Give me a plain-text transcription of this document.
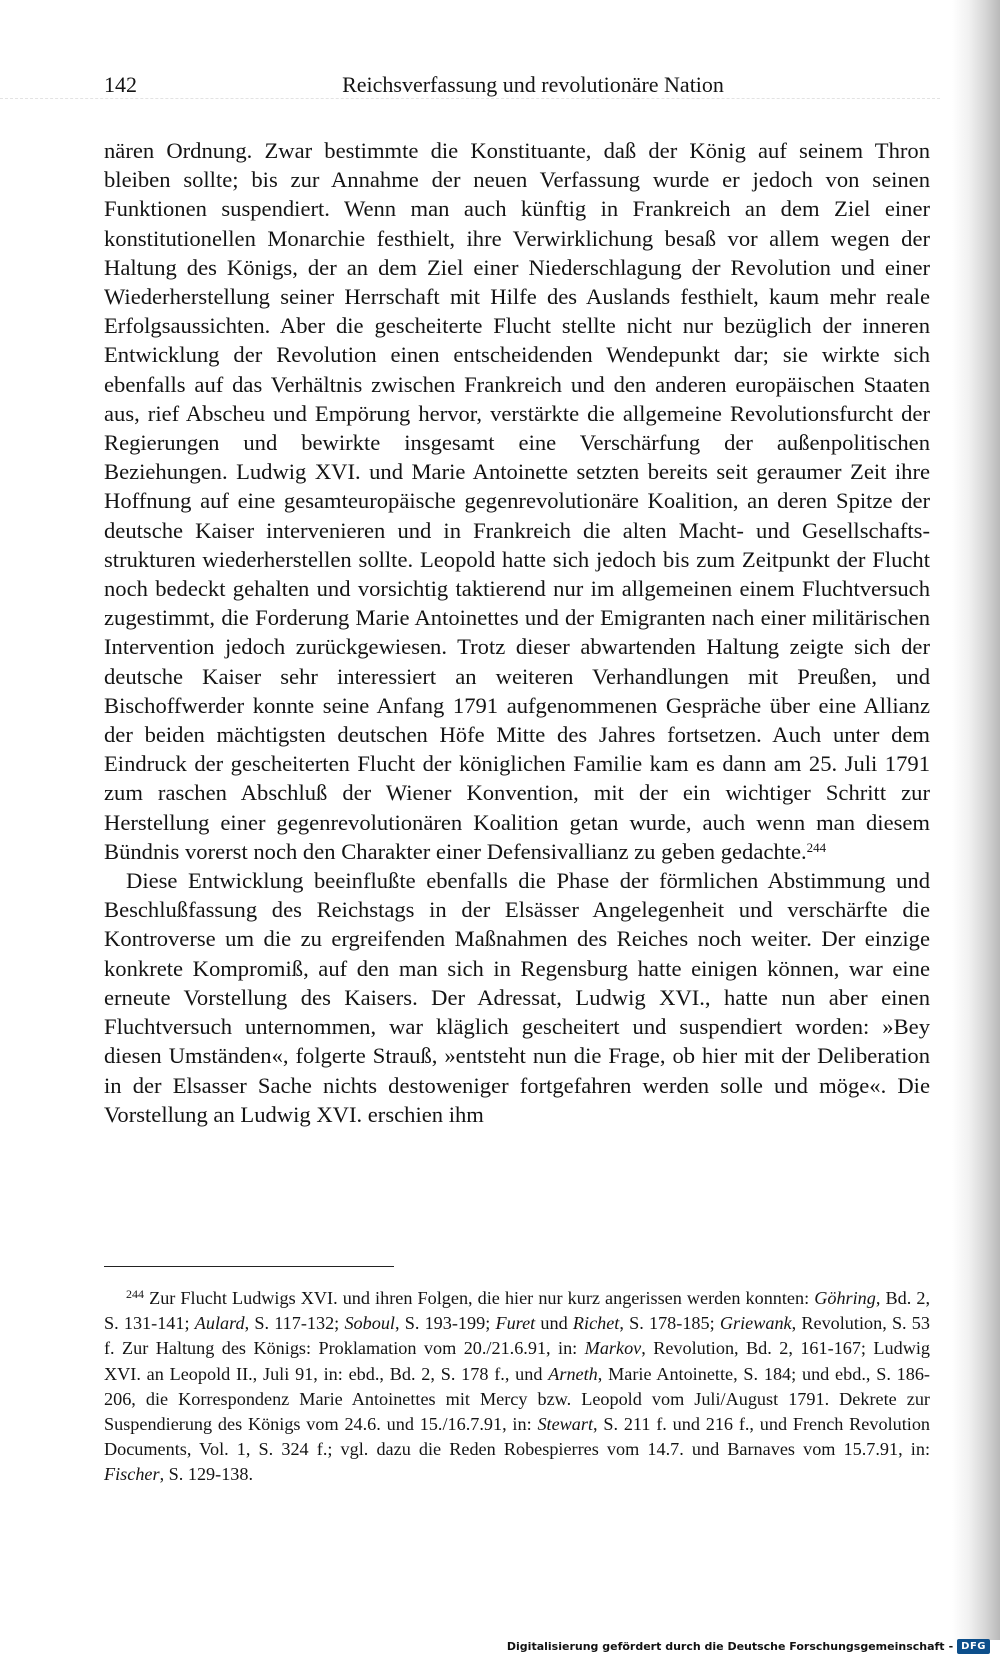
142	Reichsverfassung und revolutionäre Nation

nären Ordnung. Zwar bestimmte die Konstituante, daß der König auf seinem Thron bleiben sollte; bis zur Annahme der neuen Verfassung wurde er jedoch von seinen Funktionen suspendiert. Wenn man auch künftig in Frankreich an dem Ziel einer konstitutionellen Monarchie festhielt, ihre Verwirklichung besaß vor allem wegen der Haltung des Königs, der an dem Ziel einer Niederschlagung der Revolution und einer Wiederherstellung seiner Herrschaft mit Hilfe des Auslands festhielt, kaum mehr reale Erfolgsaussichten. Aber die gescheiterte Flucht stellte nicht nur bezüglich der inneren Entwicklung der Revolution einen entscheidenden Wendepunkt dar; sie wirkte sich ebenfalls auf das Verhältnis zwischen Frankreich und den anderen europäischen Staaten aus, rief Abscheu und Empörung hervor, verstärkte die allgemeine Revolutionsfurcht der Regierungen und bewirkte insgesamt eine Verschärfung der außenpolitischen Beziehungen. Ludwig XVI. und Marie Antoinette setzten bereits seit geraumer Zeit ihre Hoffnung auf eine gesamteuropäische gegenrevolutionäre Koalition, an deren Spitze der deutsche Kaiser intervenieren und in Frankreich die alten Macht- und Gesellschaftsstrukturen wiederherstellen sollte. Leopold hatte sich jedoch bis zum Zeitpunkt der Flucht noch bedeckt gehalten und vorsichtig taktierend nur im allgemeinen einem Fluchtversuch zugestimmt, die Forderung Marie Antoinettes und der Emigranten nach einer militärischen Intervention jedoch zurückgewiesen. Trotz dieser abwartenden Haltung zeigte sich der deutsche Kaiser sehr interessiert an weiteren Verhandlungen mit Preußen, und Bischoffwerder konnte seine Anfang 1791 aufgenommenen Gespräche über eine Allianz der beiden mächtigsten deutschen Höfe Mitte des Jahres fortsetzen. Auch unter dem Eindruck der gescheiterten Flucht der königlichen Familie kam es dann am 25. Juli 1791 zum raschen Abschluß der Wiener Konvention, mit der ein wichtiger Schritt zur Herstellung einer gegenrevolutionären Koalition getan wurde, auch wenn man diesem Bündnis vorerst noch den Charakter einer Defensivallianz zu geben gedachte.$^{244}$

Diese Entwicklung beeinflußte ebenfalls die Phase der förmlichen Abstimmung und Beschlußfassung des Reichstags in der Elsässer Angelegenheit und verschärfte die Kontroverse um die zu ergreifenden Maßnahmen des Reiches noch weiter. Der einzige konkrete Kompromiß, auf den man sich in Regensburg hatte einigen können, war eine erneute Vorstellung des Kaisers. Der Adressat, Ludwig XVI., hatte nun aber einen Fluchtversuch unternommen, war kläglich gescheitert und suspendiert worden: »Bey diesen Umständen«, folgerte Strauß, »entsteht nun die Frage, ob hier mit der Deliberation in der Elsasser Sache nichts destoweniger fortgefahren werden solle und möge«. Die Vorstellung an Ludwig XVI. erschien ihm

$^{244}$ Zur Flucht Ludwigs XVI. und ihren Folgen, die hier nur kurz angerissen werden konnten: Göhring, Bd. 2, S. 131-141; Aulard, S. 117-132; Soboul, S. 193-199; Furet und Richet, S. 178-185; Griewank, Revolution, S. 53 f. Zur Haltung des Königs: Proklamation vom 20./21.6.91, in: Markov, Revolution, Bd. 2, 161-167; Ludwig XVI. an Leopold II., Juli 91, in: ebd., Bd. 2, S. 178 f., und Arneth, Marie Antoinette, S. 184; und ebd., S. 186-206, die Korrespondenz Marie Antoinettes mit Mercy bzw. Leopold vom Juli/August 1791. Dekrete zur Suspendierung des Königs vom 24.6. und 15./16.7.91, in: Stewart, S. 211 f. und 216 f., und French Revolution Documents, Vol. 1, S. 324 f.; vgl. dazu die Reden Robespierres vom 14.7. und Barnaves vom 15.7.91, in: Fischer, S. 129-138.

Digitalisierung gefördert durch die Deutsche Forschungsgemeinschaft - DFG
